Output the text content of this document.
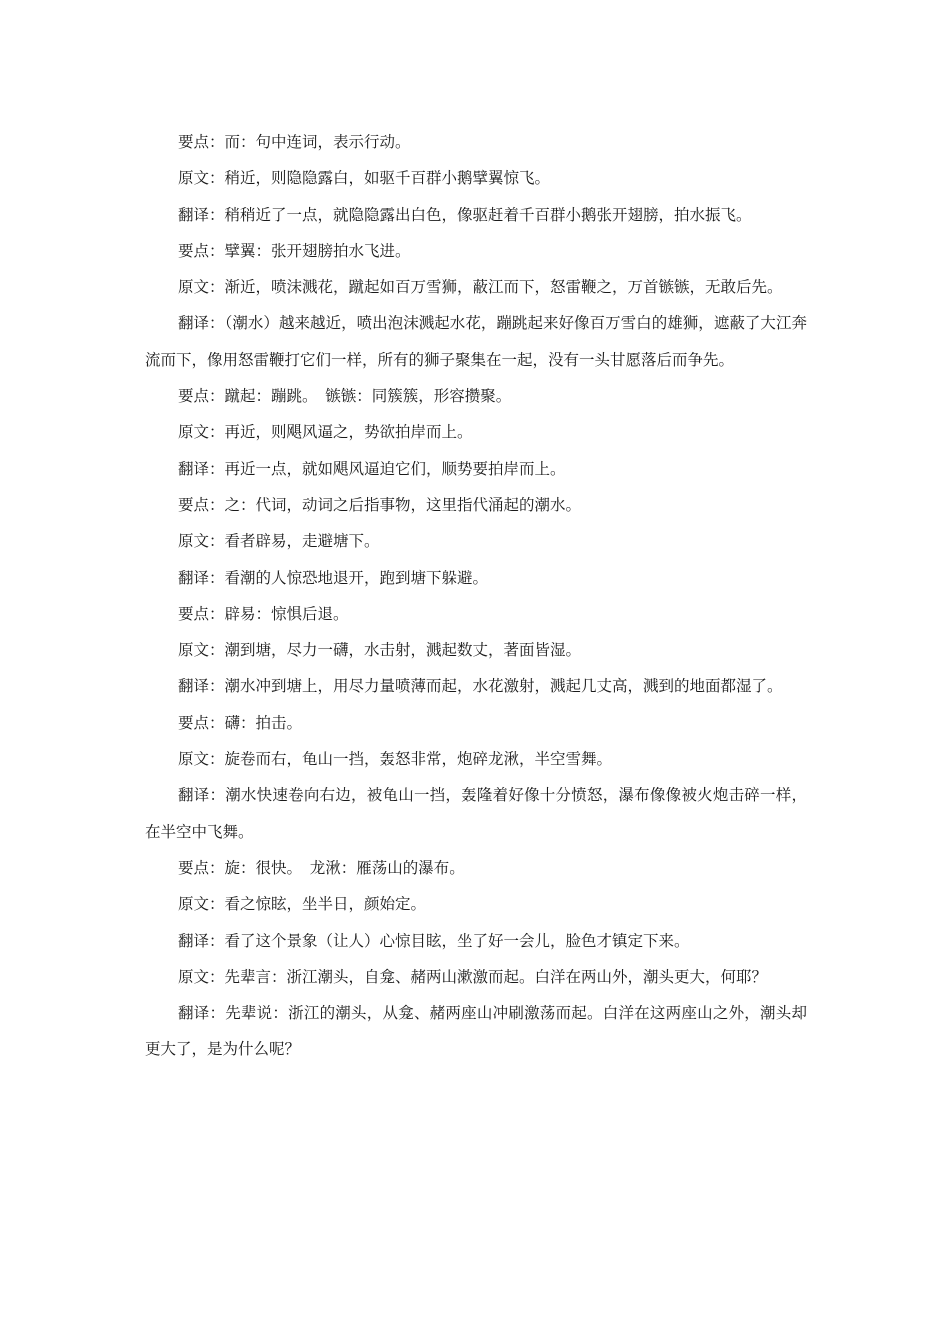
要点：而：句中连词，表示行动。

原文：稍近，则隐隐露白，如驱千百群小鹅擘翼惊飞。

翻译：稍稍近了一点，就隐隐露出白色，像驱赶着千百群小鹅张开翅膀，拍水振飞。

要点：擘翼：张开翅膀拍水飞进。

原文：渐近，喷沫溅花，蹴起如百万雪狮，蔽江而下，怒雷鞭之，万首镞镞，无敢后先。

翻译：（潮水）越来越近，喷出泡沫溅起水花，蹦跳起来好像百万雪白的雄狮，遮蔽了大江奔流而下，像用怒雷鞭打它们一样，所有的狮子聚集在一起，没有一头甘愿落后而争先。

要点：蹴起：蹦跳。　镞镞：同簇簇，形容攒聚。

原文：再近，则飓风逼之，势欲拍岸而上。

翻译：再近一点，就如飓风逼迫它们，顺势要拍岸而上。

要点：之：代词，动词之后指事物，这里指代涌起的潮水。

原文：看者辟易，走避塘下。

翻译：看潮的人惊恐地退开，跑到塘下躲避。

要点：辟易：惊惧后退。

原文：潮到塘，尽力一礴，水击射，溅起数丈，著面皆湿。

翻译：潮水冲到塘上，用尽力量喷薄而起，水花激射，溅起几丈高，溅到的地面都湿了。

要点：礴：拍击。

原文：旋卷而右，龟山一挡，轰怒非常，炮碎龙湫，半空雪舞。

翻译：潮水快速卷向右边，被龟山一挡，轰隆着好像十分愤怒，瀑布像像被火炮击碎一样，在半空中飞舞。

要点：旋：很快。　龙湫：雁荡山的瀑布。

原文：看之惊眩，坐半日，颜始定。

翻译：看了这个景象（让人）心惊目眩，坐了好一会儿，脸色才镇定下来。

原文：先辈言：浙江潮头，自龛、赭两山漱激而起。白洋在两山外，潮头更大，何耶？

翻译：先辈说：浙江的潮头，从龛、赭两座山冲刷激荡而起。白洋在这两座山之外，潮头却更大了，是为什么呢？
